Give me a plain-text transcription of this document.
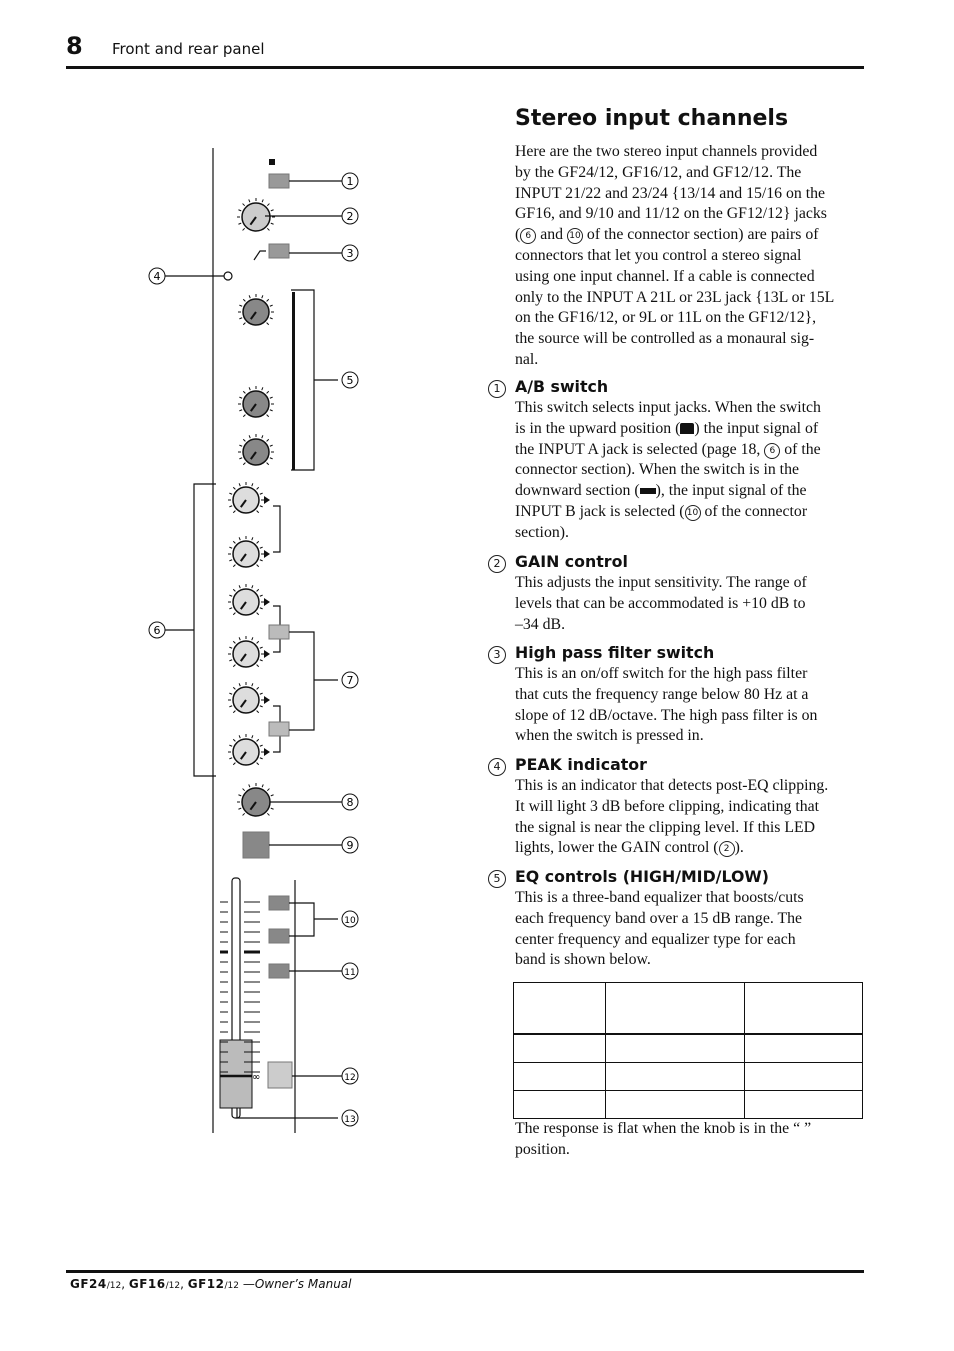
8 Front and rear panel
Stereo input channels
Here are the two stereo input channels provided
by the GF24/12, GF16/12, and GF12/12. The
INPUT 21/22 and 23/24 {13/14 and 15/16 on the
GF16, and 9/10 and 11/12 on the GF12/12} jacks
( 6 and 10 of the connector section) are pairs of
connectors that let you control a stereo signal
using one input channel. If a cable is connected
only to the INPUT A 21L or 23L jack {13L or 15L
on the GF16/12, or 9L or 11L on the GF12/12},
the source will be controlled as a monaural sig-
nal.
1 A/B switch
This switch selects input jacks. When the switch
is in the upward position ( ) the input signal of
the INPUT A jack is selected (page 18, 6 of the
connector section). When the switch is in the
downward section ( ), the input signal of the
INPUT B jack is selected ( 10 of the connector
section).
2 GAIN control
This adjusts the input sensitivity. The range of
levels that can be accommodated is +10 dB to
–34 dB.
3 High pass filter switch
This is an on/off switch for the high pass filter
that cuts the frequency range below 80 Hz at a
slope of 12 dB/octave. The high pass filter is on
when the switch is pressed in.
4 PEAK indicator
This is an indicator that detects post-EQ clipping.
It will light 3 dB before clipping, indicating that
the signal is near the clipping level. If this LED
lights, lower the GAIN control ( 2 ).
5 EQ controls (HIGH/MID/LOW)
This is a three-band equalizer that boosts/cuts
each frequency band over a 15 dB range. The
center frequency and equalizer type for each
band is shown below.
The response is flat when the knob is in the “ ”
position.

∞
1
2
3
4
5
6
7
8
9
10
11
12
13
GF24/12, GF16/12, GF12/12 —Owner’s Manual
